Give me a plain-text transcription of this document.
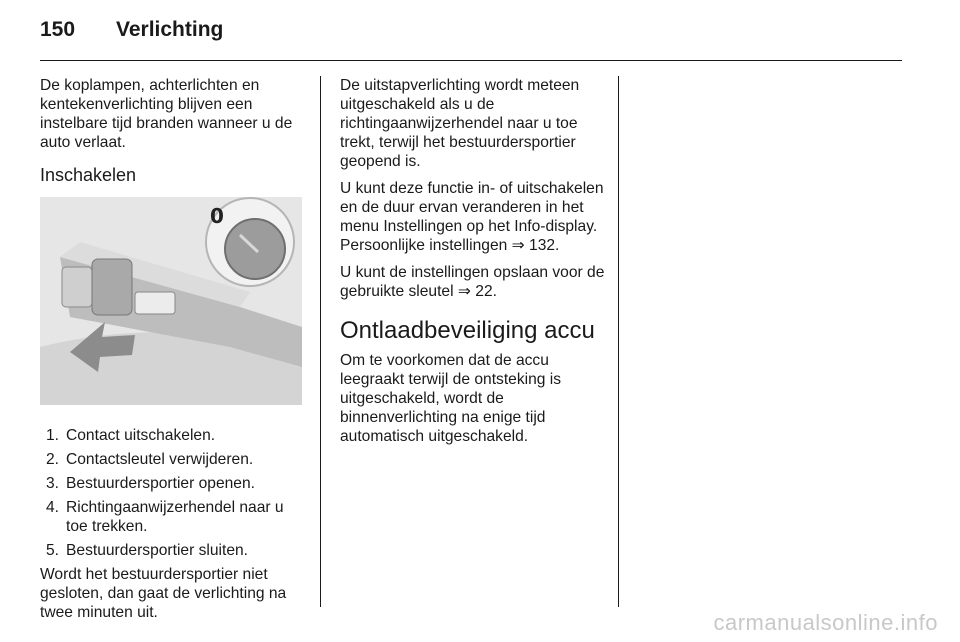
150	Verlichting

De koplampen, achterlichten en kentekenverlichting blijven een instelbare tijd branden wanneer u de auto verlaat.

Inschakelen
0
1. Contact uitschakelen.
2. Contactsleutel verwijderen.
3. Bestuurdersportier openen.
4. Richtingaanwijzerhendel naar u toe trekken.
5. Bestuurdersportier sluiten.

Wordt het bestuurdersportier niet gesloten, dan gaat de verlichting na twee minuten uit.

De uitstapverlichting wordt meteen uitgeschakeld als u de richtingaanwijzerhendel naar u toe trekt, terwijl het bestuurdersportier geopend is.

U kunt deze functie in- of uitschakelen en de duur ervan veranderen in het menu Instellingen op het Info-display. Persoonlijke instellingen ⇒ 132.

U kunt de instellingen opslaan voor de gebruikte sleutel ⇒ 22.

Ontlaadbeveiliging accu

Om te voorkomen dat de accu leegraakt terwijl de ontsteking is uitgeschakeld, wordt de binnenverlichting na enige tijd automatisch uitgeschakeld.

carmanualsonline.info
